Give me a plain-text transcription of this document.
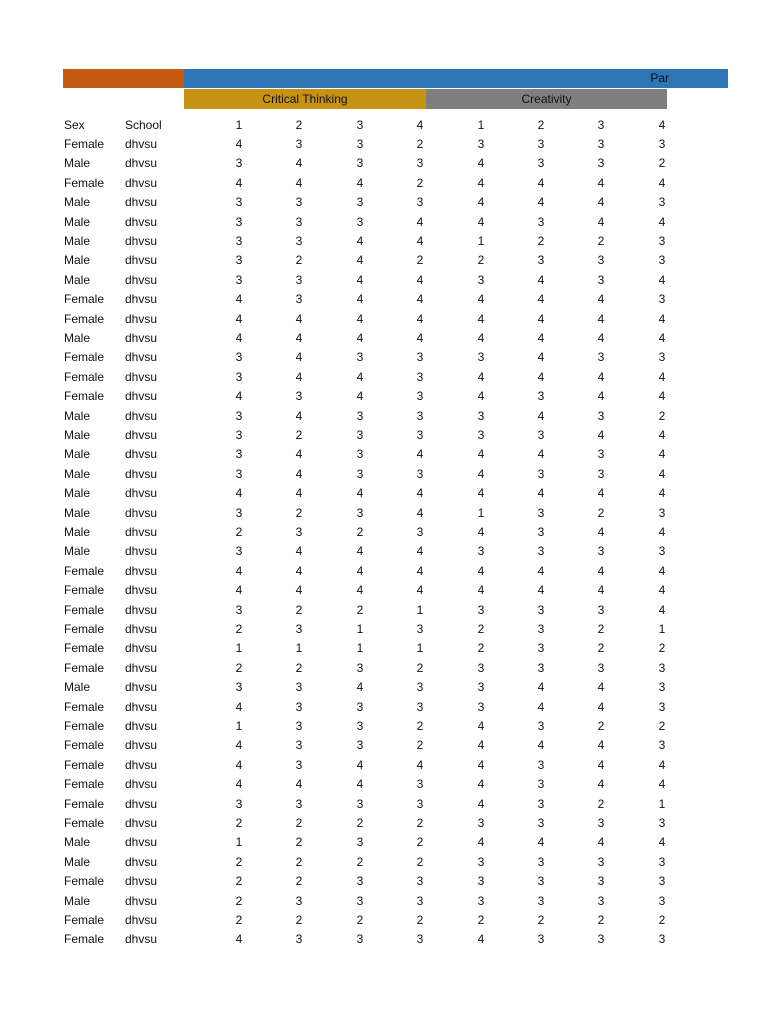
Par
Critical Thinking	Creativity
Sex	School	1	2	3	4	1	2	3	4
Female dhvsu	4	3	3	2	3	3	3	3
Male	dhvsu	3	4	3	3	4	3	3	2
Female dhvsu	4	4	4	2	4	4	4	4
Male	dhvsu	3	3	3	3	4	4	4	3
Male	dhvsu	3	3	3	4	4	3	4	4
Male	dhvsu	3	3	4	4	1	2	2	3
Male	dhvsu	3	2	4	2	2	3	3	3
Male	dhvsu	3	3	4	4	3	4	3	4
Female dhvsu	4	3	4	4	4	4	4	3
Female dhvsu	4	4	4	4	4	4	4	4
Male	dhvsu	4	4	4	4	4	4	4	4
Female dhvsu	3	4	3	3	3	4	3	3
Female dhvsu	3	4	4	3	4	4	4	4
Female dhvsu	4	3	4	3	4	3	4	4
Male	dhvsu	3	4	3	3	3	4	3	2
Male	dhvsu	3	2	3	3	3	3	4	4
Male	dhvsu	3	4	3	4	4	4	3	4
Male	dhvsu	3	4	3	3	4	3	3	4
Male	dhvsu	4	4	4	4	4	4	4	4
Male	dhvsu	3	2	3	4	1	3	2	3
Male	dhvsu	2	3	2	3	4	3	4	4
Male	dhvsu	3	4	4	4	3	3	3	3
Female dhvsu	4	4	4	4	4	4	4	4
Female dhvsu	4	4	4	4	4	4	4	4
Female dhvsu	3	2	2	1	3	3	3	4
Female dhvsu	2	3	1	3	2	3	2	1
Female dhvsu	1	1	1	1	2	3	2	2
Female dhvsu	2	2	3	2	3	3	3	3
Male	dhvsu	3	3	4	3	3	4	4	3
Female dhvsu	4	3	3	3	3	4	4	3
Female dhvsu	1	3	3	2	4	3	2	2
Female dhvsu	4	3	3	2	4	4	4	3
Female dhvsu	4	3	4	4	4	3	4	4
Female dhvsu	4	4	4	3	4	3	4	4
Female dhvsu	3	3	3	3	4	3	2	1
Female dhvsu	2	2	2	2	3	3	3	3
Male	dhvsu	1	2	3	2	4	4	4	4
Male	dhvsu	2	2	2	2	3	3	3	3
Female dhvsu	2	2	3	3	3	3	3	3
Male	dhvsu	2	3	3	3	3	3	3	3
Female dhvsu	2	2	2	2	2	2	2	2
Female dhvsu	4	3	3	3	4	3	3	3
